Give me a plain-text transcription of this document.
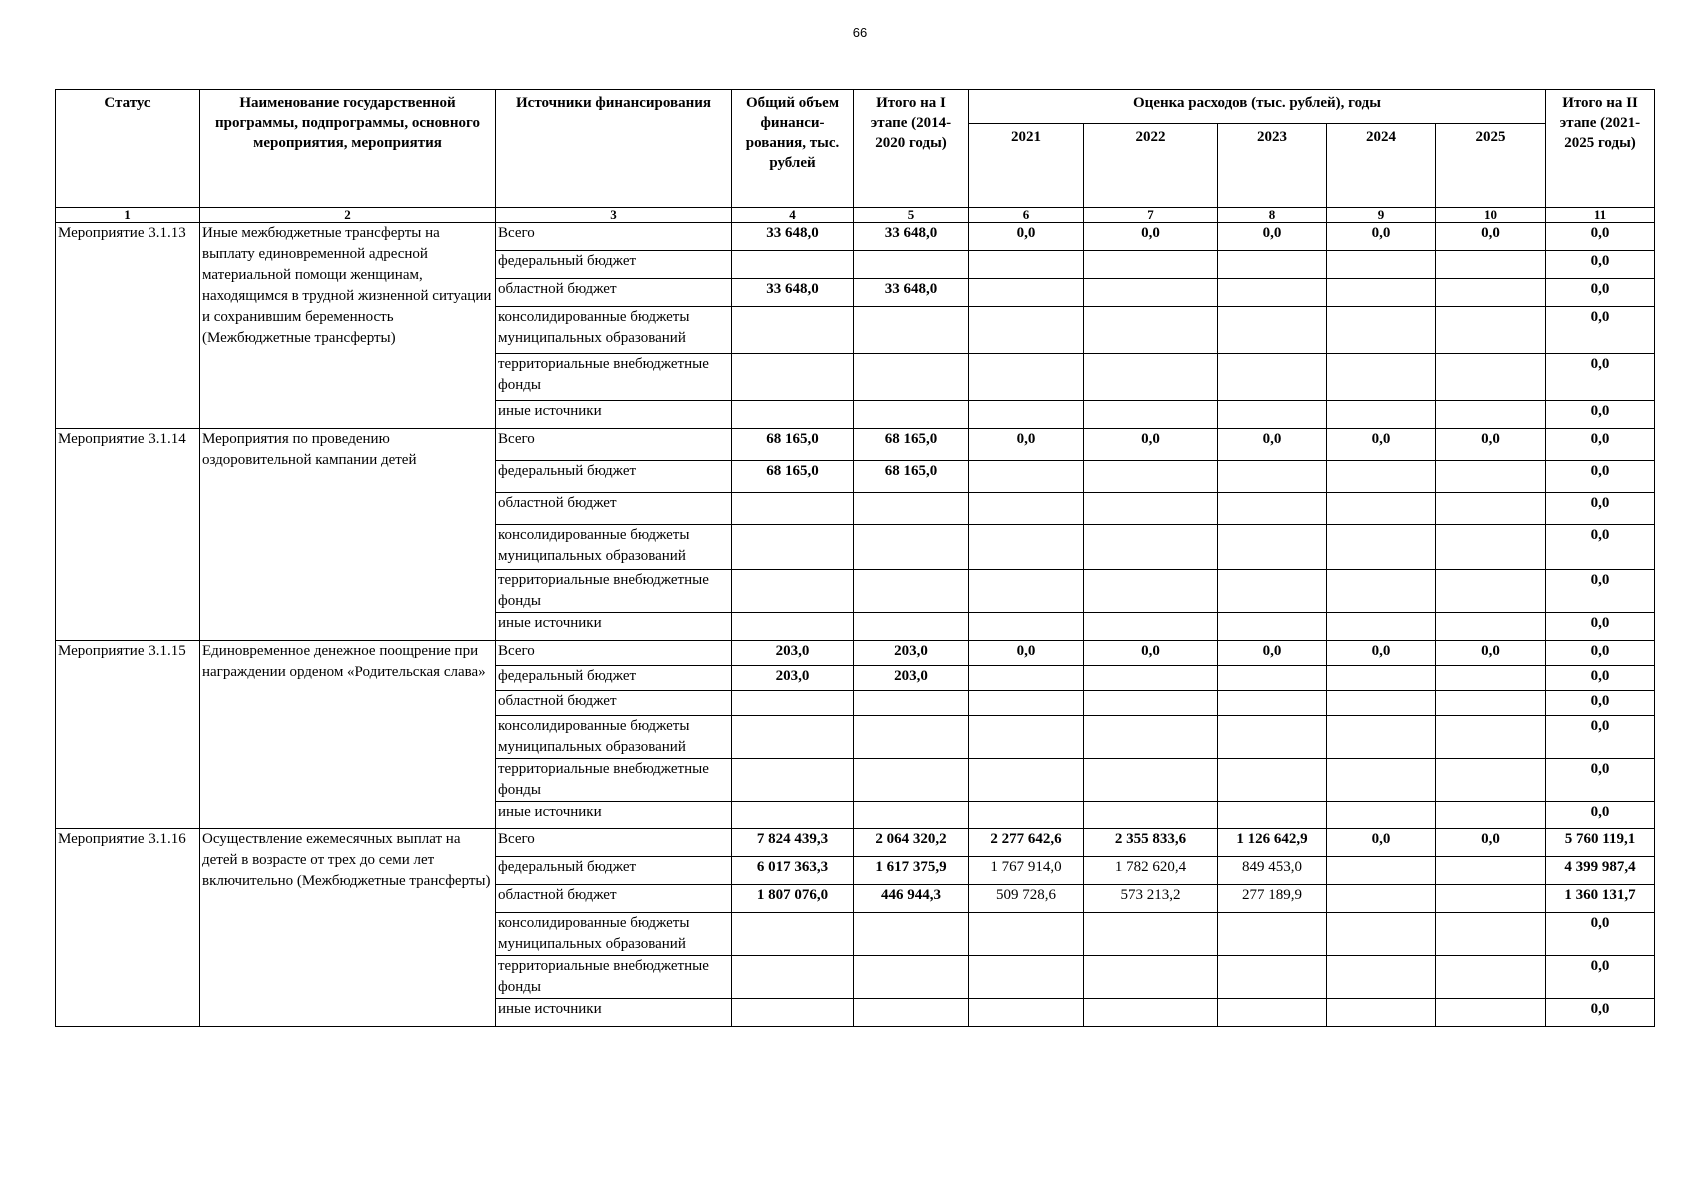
66
Статус	Наименование государственной программы, подпрограммы, основного мероприятия, мероприятия	Источники финансирования	Общий объем финанси-рования, тыс. рублей	Итого на I этапе (2014-2020 годы)	Оценка расходов (тыс. рублей), годы					Итого на II этапе (2021-2025 годы)
					2021	2022	2023	2024	2025	
1	2	3	4	5	6	7	8	9	10	11
Мероприятие 3.1.13	Иные межбюджетные трансферты на выплату единовременной адресной материальной помощи женщинам, находящимся в трудной жизненной ситуации и сохранившим беременность (Межбюджетные трансферты)	Всего	33 648,0	33 648,0	0,0	0,0	0,0	0,0	0,0	0,0
		федеральный бюджет								0,0
		областной бюджет	33 648,0	33 648,0						0,0
		консолидированные бюджеты муниципальных образований								0,0
		территориальные внебюджетные фонды								0,0
		иные источники								0,0
Мероприятие 3.1.14	Мероприятия по проведению оздоровительной кампании детей	Всего	68 165,0	68 165,0	0,0	0,0	0,0	0,0	0,0	0,0
		федеральный бюджет	68 165,0	68 165,0						0,0
		областной бюджет								0,0
		консолидированные бюджеты муниципальных образований								0,0
		территориальные внебюджетные фонды								0,0
		иные источники								0,0
Мероприятие 3.1.15	Единовременное денежное поощрение при награждении орденом «Родительская слава»	Всего	203,0	203,0	0,0	0,0	0,0	0,0	0,0	0,0
		федеральный бюджет	203,0	203,0						0,0
		областной бюджет								0,0
		консолидированные бюджеты муниципальных образований								0,0
		территориальные внебюджетные фонды								0,0
		иные источники								0,0
Мероприятие 3.1.16	Осуществление ежемесячных выплат на детей в возрасте от трех до семи лет включительно (Межбюджетные трансферты)	Всего	7 824 439,3	2 064 320,2	2 277 642,6	2 355 833,6	1 126 642,9	0,0	0,0	5 760 119,1
		федеральный бюджет	6 017 363,3	1 617 375,9	1 767 914,0	1 782 620,4	849 453,0			4 399 987,4
		областной бюджет	1 807 076,0	446 944,3	509 728,6	573 213,2	277 189,9			1 360 131,7
		консолидированные бюджеты муниципальных образований								0,0
		территориальные внебюджетные фонды								0,0
		иные источники								0,0
